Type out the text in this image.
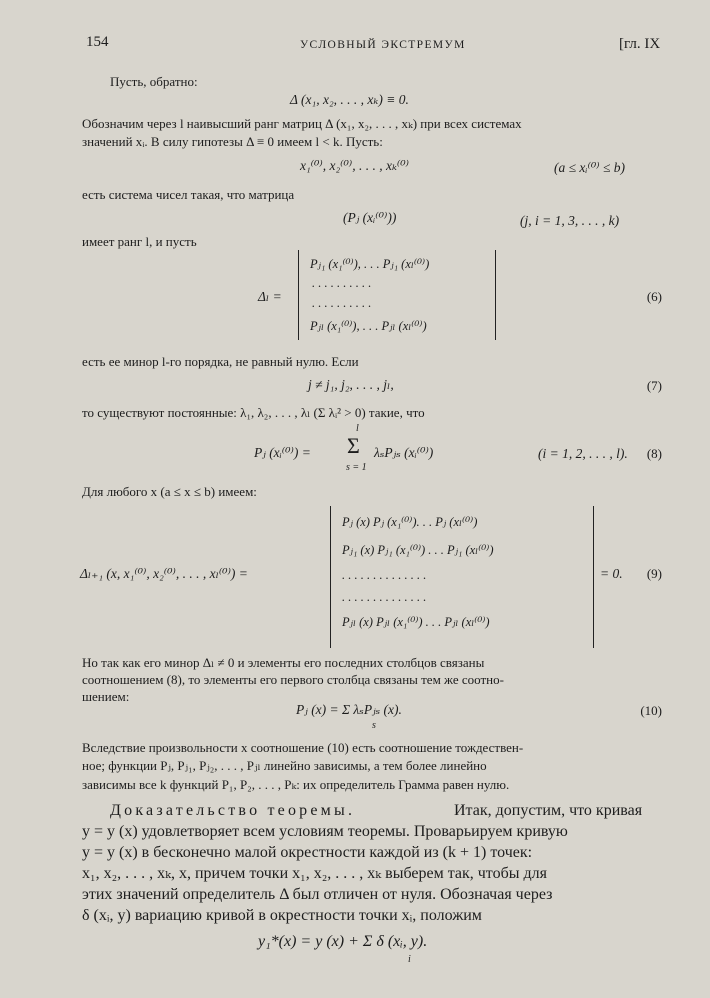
154	УСЛОВНЫЙ ЭКСТРЕМУМ	[гл. IX
Пусть, обратно:
Δ (x₁, x₂, . . . , xₖ) ≡ 0.
Обозначим через l наивысший ранг матриц Δ (x₁, x₂, . . . , xₖ) при всех системах
значений xᵢ. В силу гипотезы Δ ≡ 0 имеем l < k. Пусть:
x₁⁽⁰⁾, x₂⁽⁰⁾, . . . , xₖ⁽⁰⁾	(a ≤ xᵢ⁽⁰⁾ ≤ b)
есть система чисел такая, что матрица
(Pⱼ (xᵢ⁽⁰⁾))	(j, i = 1, 3, . . . , k)
имеет ранг l, и пусть
Δₗ =
Pⱼ₁ (x₁⁽⁰⁾), . . . Pⱼ₁ (xₗ⁽⁰⁾)
. . . . . . . . . .
. . . . . . . . . .
Pⱼₗ (x₁⁽⁰⁾), . . . Pⱼₗ (xₗ⁽⁰⁾)
(6)
есть ее минор l-го порядка, не равный нулю. Если
j ≠ j₁, j₂, . . . , jₗ,	(7)
то существуют постоянные: λ₁, λ₂, . . . , λₗ (Σ λᵢ² > 0) такие, что
Pⱼ (xᵢ⁽⁰⁾) =
l
Σ
s = 1
λₛPⱼₛ (xᵢ⁽⁰⁾)	(i = 1, 2, . . . , l). (8)
Для любого x (a ≤ x ≤ b) имеем:
Δₗ₊₁ (x, x₁⁽⁰⁾, x₂⁽⁰⁾, . . . , xₗ⁽⁰⁾) =
Pⱼ (x) Pⱼ (x₁⁽⁰⁾). . . Pⱼ (xₗ⁽⁰⁾)
Pⱼ₁ (x) Pⱼ₁ (x₁⁽⁰⁾) . . . Pⱼ₁ (xₗ⁽⁰⁾)
. . . . . . . . . . . . . .
. . . . . . . . . . . . . .
Pⱼₗ (x) Pⱼₗ (x₁⁽⁰⁾) . . . Pⱼₗ (xₗ⁽⁰⁾)
= 0. (9)
Но так как его минор Δₗ ≠ 0 и элементы его последних столбцов связаны
соотношением (8), то элементы его первого столбца связаны тем же соотно-
шением:
Pⱼ (x) = Σ λₛPⱼₛ (x).
s
(10)
Вследствие произвольности x соотношение (10) есть соотношение тождествен-
ное; функции Pⱼ, Pⱼ₁, Pⱼ₂, . . . , Pⱼₗ линейно зависимы, а тем более линейно
зависимы все k функций P₁, P₂, . . . , Pₖ: их определитель Грамма равен нулю.
Доказательство теоремы.	Итак, допустим, что кривая
y = y (x) удовлетворяет всем условиям теоремы. Проварьируем кривую
y = y (x) в бесконечно малой окрестности каждой из (k + 1) точек:
x₁, x₂, . . . , xₖ, x, причем точки x₁, x₂, . . . , xₖ выберем так, чтобы для
этих значений определитель Δ был отличен от нуля. Обозначая через
δ (xᵢ, y) вариацию кривой в окрестности точки xᵢ, положим
y₁*(x) = y (x) + Σ δ (xᵢ, y).
i
